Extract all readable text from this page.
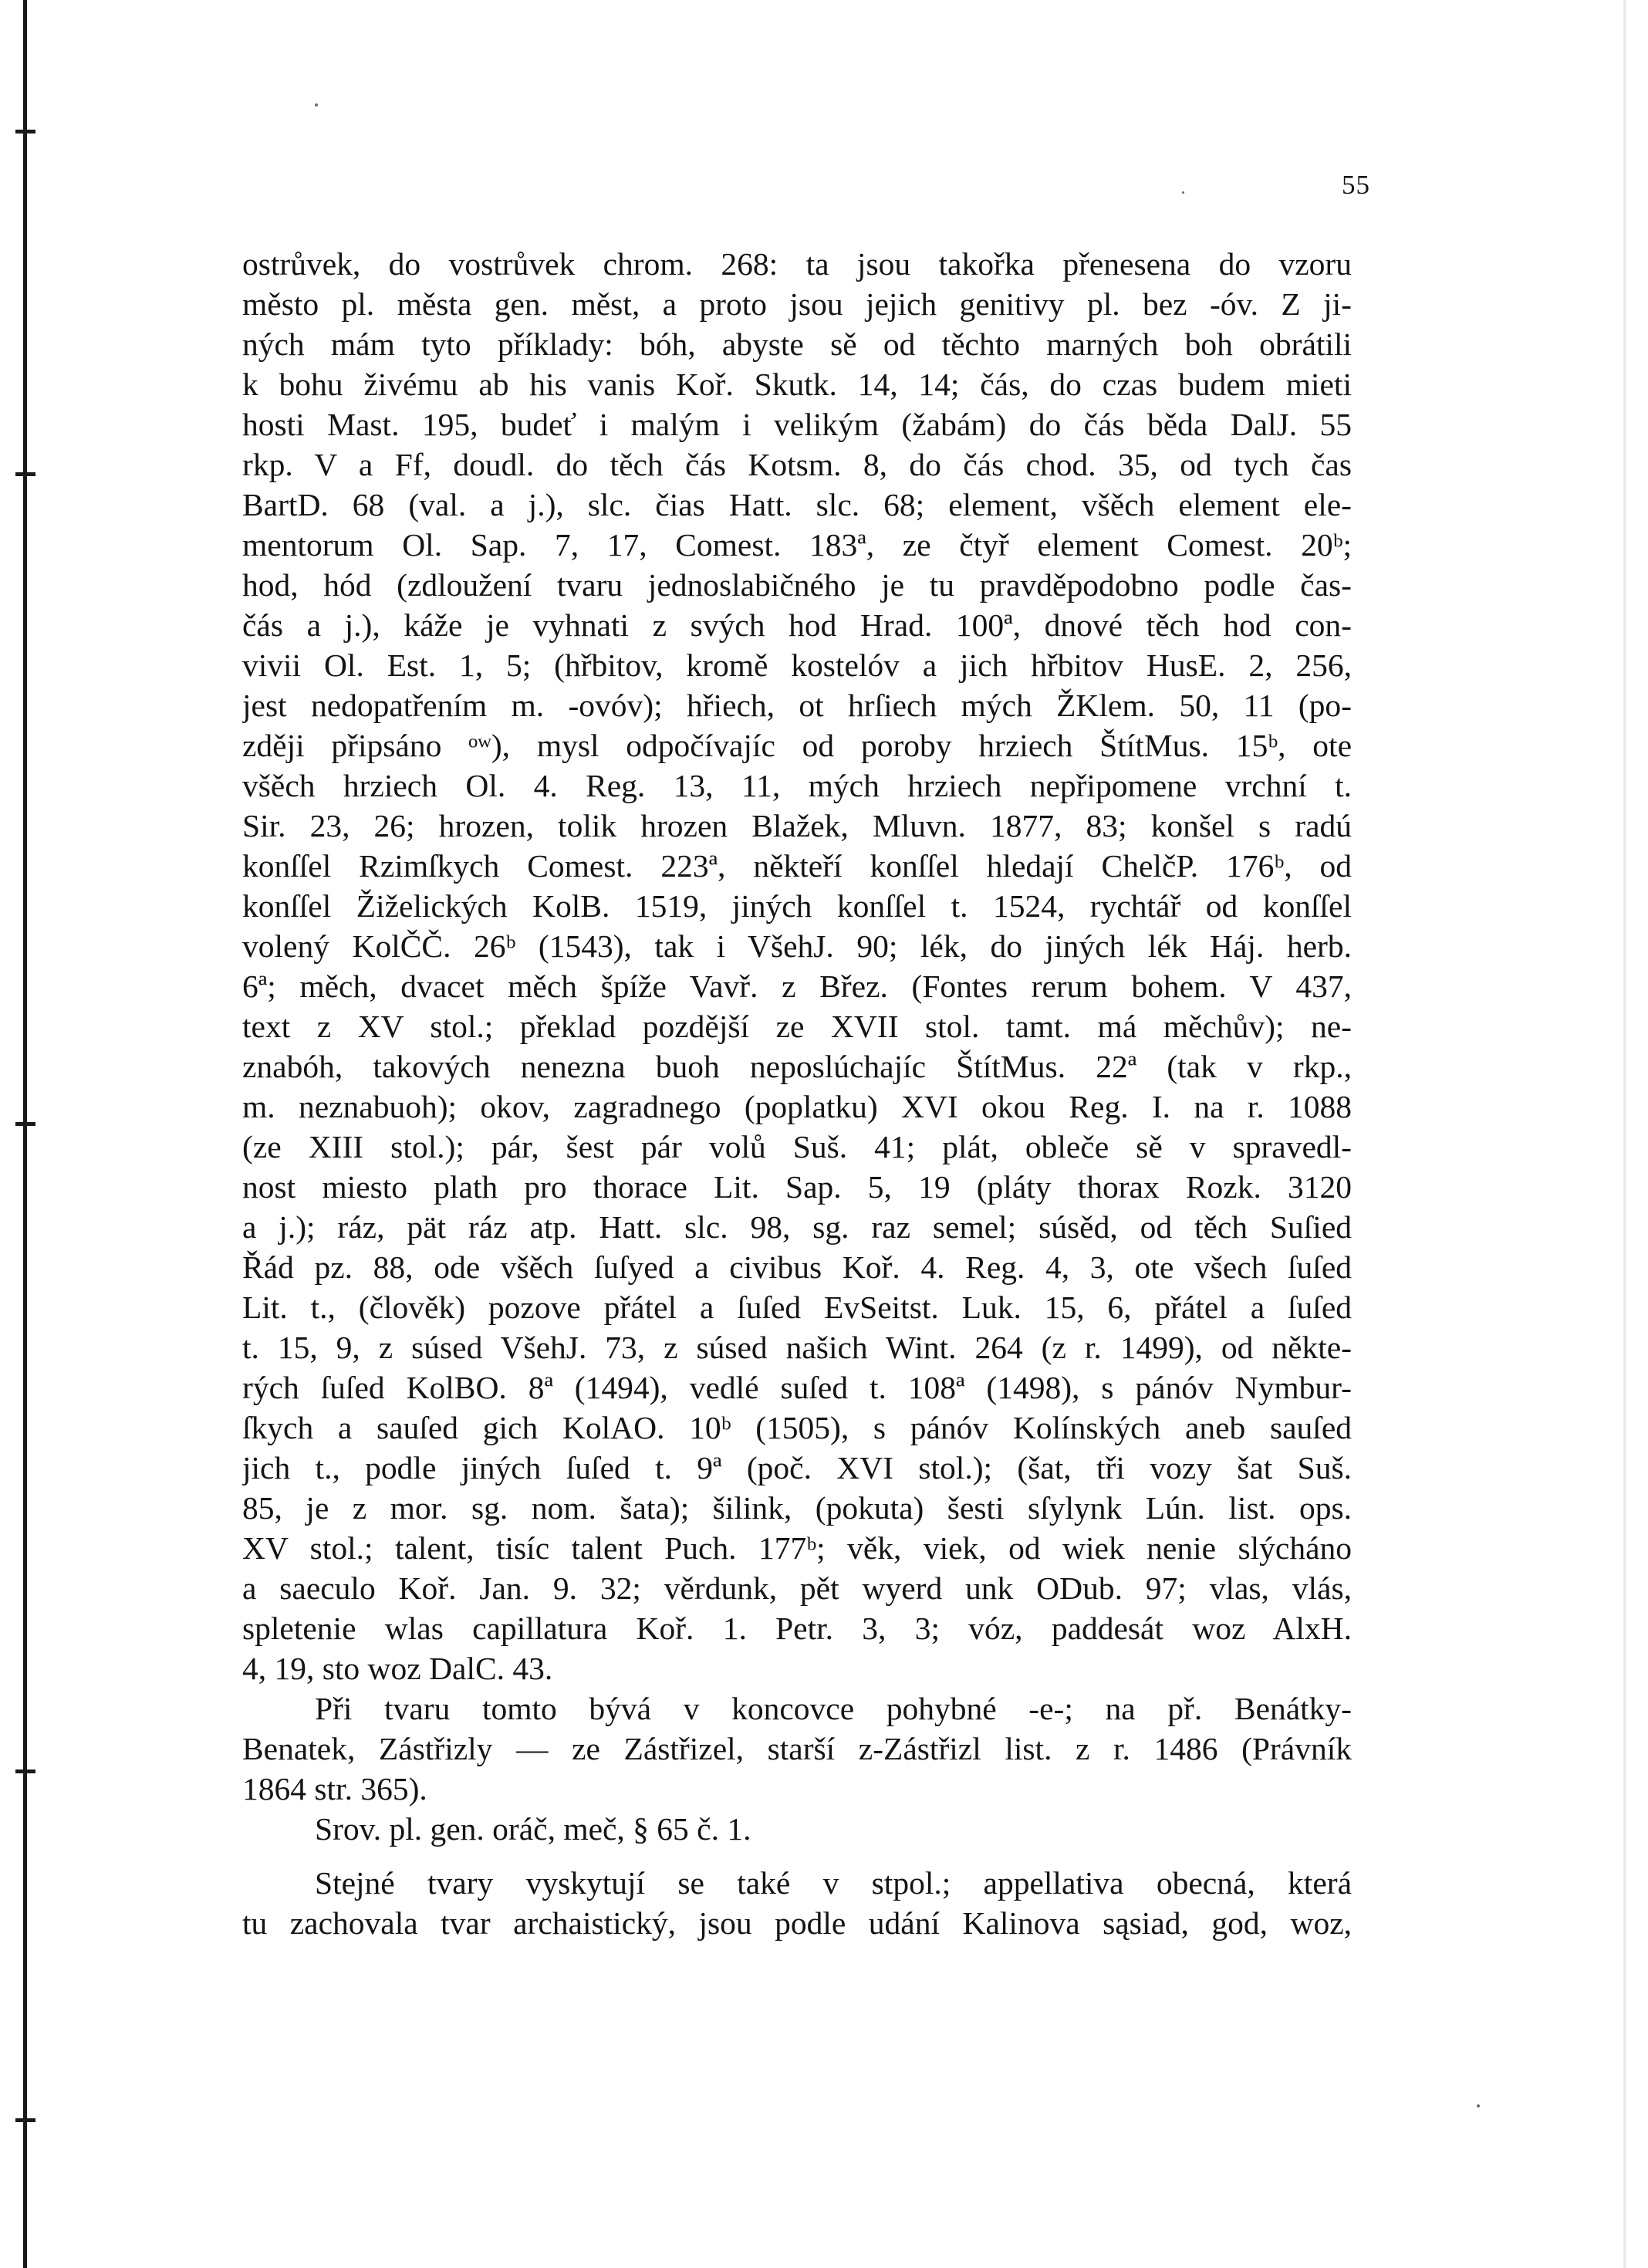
55
ostrůvek, do vostrůvek chrom. 268: ta jsou takořka přenesena do vzoru
město pl. města gen. měst, a proto jsou jejich genitivy pl. bez -óv. Z ji-
ných mám tyto příklady: bóh, abyste sě od těchto marných boh obrátili
k bohu živému ab his vanis Koř. Skutk. 14, 14; čás, do czas budem mieti
hosti Mast. 195, budeť i malým i velikým (žabám) do čás běda DalJ. 55
rkp. V a Ff, doudl. do těch čás Kotsm. 8, do čás chod. 35, od tych čas
BartD. 68 (val. a j.), slc. čias Hatt. slc. 68; element, všěch element ele-
mentorum Ol. Sap. 7, 17, Comest. 183ª, ze čtyř element Comest. 20ᵇ;
hod, hód (zdloužení tvaru jednoslabičného je tu pravděpodobno podle čas-
čás a j.), káže je vyhnati z svých hod Hrad. 100ª, dnové těch hod con-
vivii Ol. Est. 1, 5; (hřbitov, kromě kostelóv a jich hřbitov HusE. 2, 256,
jest nedopatřením m. -ovóv); hřiech, ot hrſiech mých ŽKlem. 50, 11 (po-
zději připsáno ᵒʷ), mysl odpočívajíc od poroby hrziech ŠtítMus. 15ᵇ, ote
všěch hrziech Ol. 4. Reg. 13, 11, mých hrziech nepřipomene vrchní t.
Sir. 23, 26; hrozen, tolik hrozen Blažek, Mluvn. 1877, 83; konšel s radú
konſſel Rzimſkych Comest. 223ª, někteří konſſel hledají ChelčP. 176ᵇ, od
konſſel Žiželických KolB. 1519, jiných konſſel t. 1524, rychtář od konſſel
volený KolČČ. 26ᵇ (1543), tak i VšehJ. 90; lék, do jiných lék Háj. herb.
6ª; měch, dvacet měch špíže Vavř. z Břez. (Fontes rerum bohem. V 437,
text z XV stol.; překlad pozdější ze XVII stol. tamt. má měchův); ne-
znabóh, takových nenezna buoh neposlúchajíc ŠtítMus. 22ª (tak v rkp.,
m. neznabuoh); okov, zagradnego (poplatku) XVI okou Reg. I. na r. 1088
(ze XIII stol.); pár, šest pár volů Suš. 41; plát, obleče sě v spravedl-
nost miesto plath pro thorace Lit. Sap. 5, 19 (pláty thorax Rozk. 3120
a j.); ráz, pät ráz atp. Hatt. slc. 98, sg. raz semel; súsěd, od těch Suſied
Řád pz. 88, ode všěch ſuſyed a civibus Koř. 4. Reg. 4, 3, ote všech ſuſed
Lit. t., (člověk) pozove přátel a ſuſed EvSeitst. Luk. 15, 6, přátel a ſuſed
t. 15, 9, z súsed VšehJ. 73, z súsed našich Wint. 264 (z r. 1499), od někte-
rých ſuſed KolBO. 8ª (1494), vedlé suſed t. 108ª (1498), s pánóv Nymbur-
ſkych a sauſed gich KolAO. 10ᵇ (1505), s pánóv Kolínských aneb sauſed
jich t., podle jiných ſuſed t. 9ª (poč. XVI stol.); (šat, tři vozy šat Suš.
85, je z mor. sg. nom. šata); šilink, (pokuta) šesti sſylynk Lún. list. ops.
XV stol.; talent, tisíc talent Puch. 177ᵇ; věk, viek, od wiek nenie slýcháno
a saeculo Koř. Jan. 9. 32; věrdunk, pět wyerd unk ODub. 97; vlas, vlás,
spletenie wlas capillatura Koř. 1. Petr. 3, 3; vóz, paddesát woz AlxH.
4, 19, sto woz DalC. 43.
Při tvaru tomto bývá v koncovce pohybné -e-; na př. Benátky-
Benatek, Zástřizly — ze Zástřizel, starší z-Zástřizl list. z r. 1486 (Právník
1864 str. 365).
Srov. pl. gen. oráč, meč, § 65 č. 1.
Stejné tvary vyskytují se také v stpol.; appellativa obecná, která
tu zachovala tvar archaistický, jsou podle udání Kalinova sąsiad, god, woz,
